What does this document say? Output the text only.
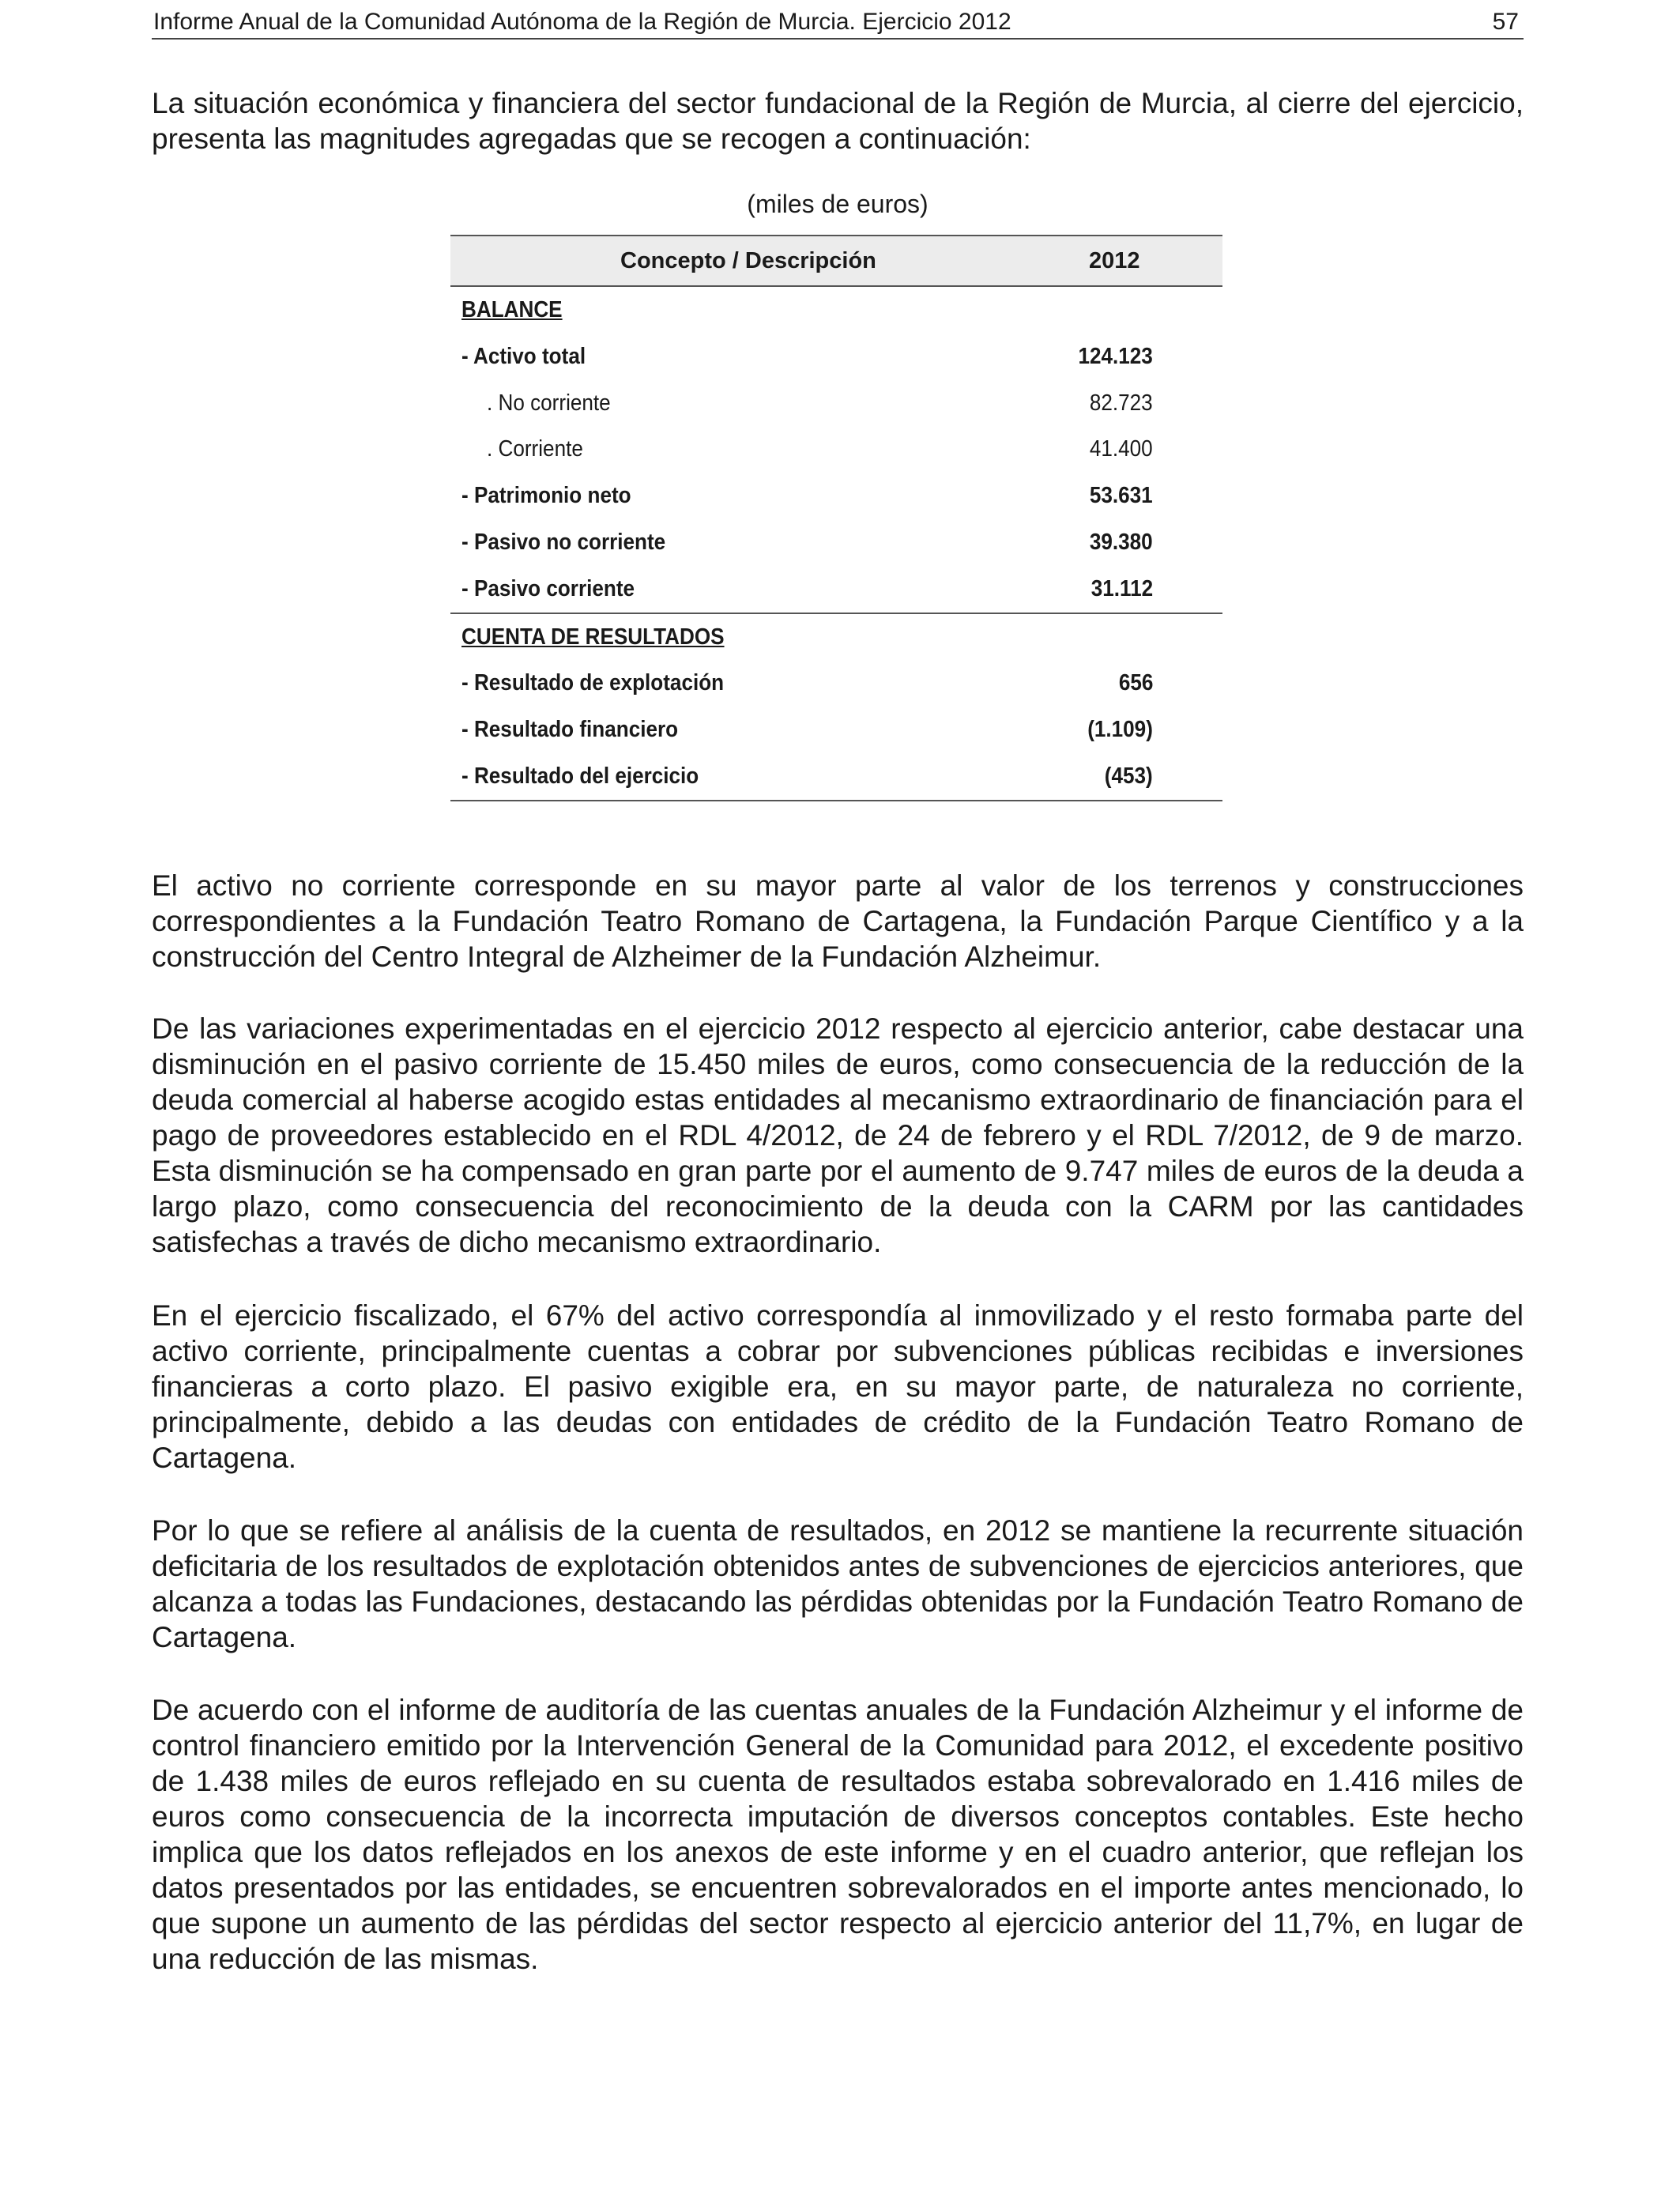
Informe Anual de la Comunidad Autónoma de la Región de Murcia. Ejercicio 2012	57

La situación económica y financiera del sector fundacional de la Región de Murcia, al cierre del ejercicio, presenta las magnitudes agregadas que se recogen a continuación:

(miles de euros)
Concepto / Descripción	2012
BALANCE
- Activo total	124.123
. No corriente	82.723
. Corriente	41.400
- Patrimonio neto	53.631
- Pasivo no corriente	39.380
- Pasivo corriente	31.112
CUENTA DE RESULTADOS
- Resultado de explotación	656
- Resultado financiero	(1.109)
- Resultado del ejercicio	(453)

El activo no corriente corresponde en su mayor parte al valor de los terrenos y construcciones correspondientes a la Fundación Teatro Romano de Cartagena, la Fundación Parque Científico y a la construcción del Centro Integral de Alzheimer de la Fundación Alzheimur.

De las variaciones experimentadas en el ejercicio 2012 respecto al ejercicio anterior, cabe destacar una disminución en el pasivo corriente de 15.450 miles de euros, como consecuencia de la reducción de la deuda comercial al haberse acogido estas entidades al mecanismo extraordinario de financiación para el pago de proveedores establecido en el RDL 4/2012, de 24 de febrero y el RDL 7/2012, de 9 de marzo. Esta disminución se ha compensado en gran parte por el aumento de 9.747 miles de euros de la deuda a largo plazo, como consecuencia del reconocimiento de la deuda con la CARM por las cantidades satisfechas a través de dicho mecanismo extraordinario.

En el ejercicio fiscalizado, el 67% del activo correspondía al inmovilizado y el resto formaba parte del activo corriente, principalmente cuentas a cobrar por subvenciones públicas recibidas e inversiones financieras a corto plazo. El pasivo exigible era, en su mayor parte, de naturaleza no corriente, principalmente, debido a las deudas con entidades de crédito de la Fundación Teatro Romano de Cartagena.

Por lo que se refiere al análisis de la cuenta de resultados, en 2012 se mantiene la recurrente situación deficitaria de los resultados de explotación obtenidos antes de subvenciones de ejercicios anteriores, que alcanza a todas las Fundaciones, destacando las pérdidas obtenidas por la Fundación Teatro Romano de Cartagena.

De acuerdo con el informe de auditoría de las cuentas anuales de la Fundación Alzheimur y el informe de control financiero emitido por la Intervención General de la Comunidad para 2012, el excedente positivo de 1.438 miles de euros reflejado en su cuenta de resultados estaba sobrevalorado en 1.416 miles de euros como consecuencia de la incorrecta imputación de diversos conceptos contables. Este hecho implica que los datos reflejados en los anexos de este informe y en el cuadro anterior, que reflejan los datos presentados por las entidades, se encuentren sobrevalorados en el importe antes mencionado, lo que supone un aumento de las pérdidas del sector respecto al ejercicio anterior del 11,7%, en lugar de una reducción de las mismas.
